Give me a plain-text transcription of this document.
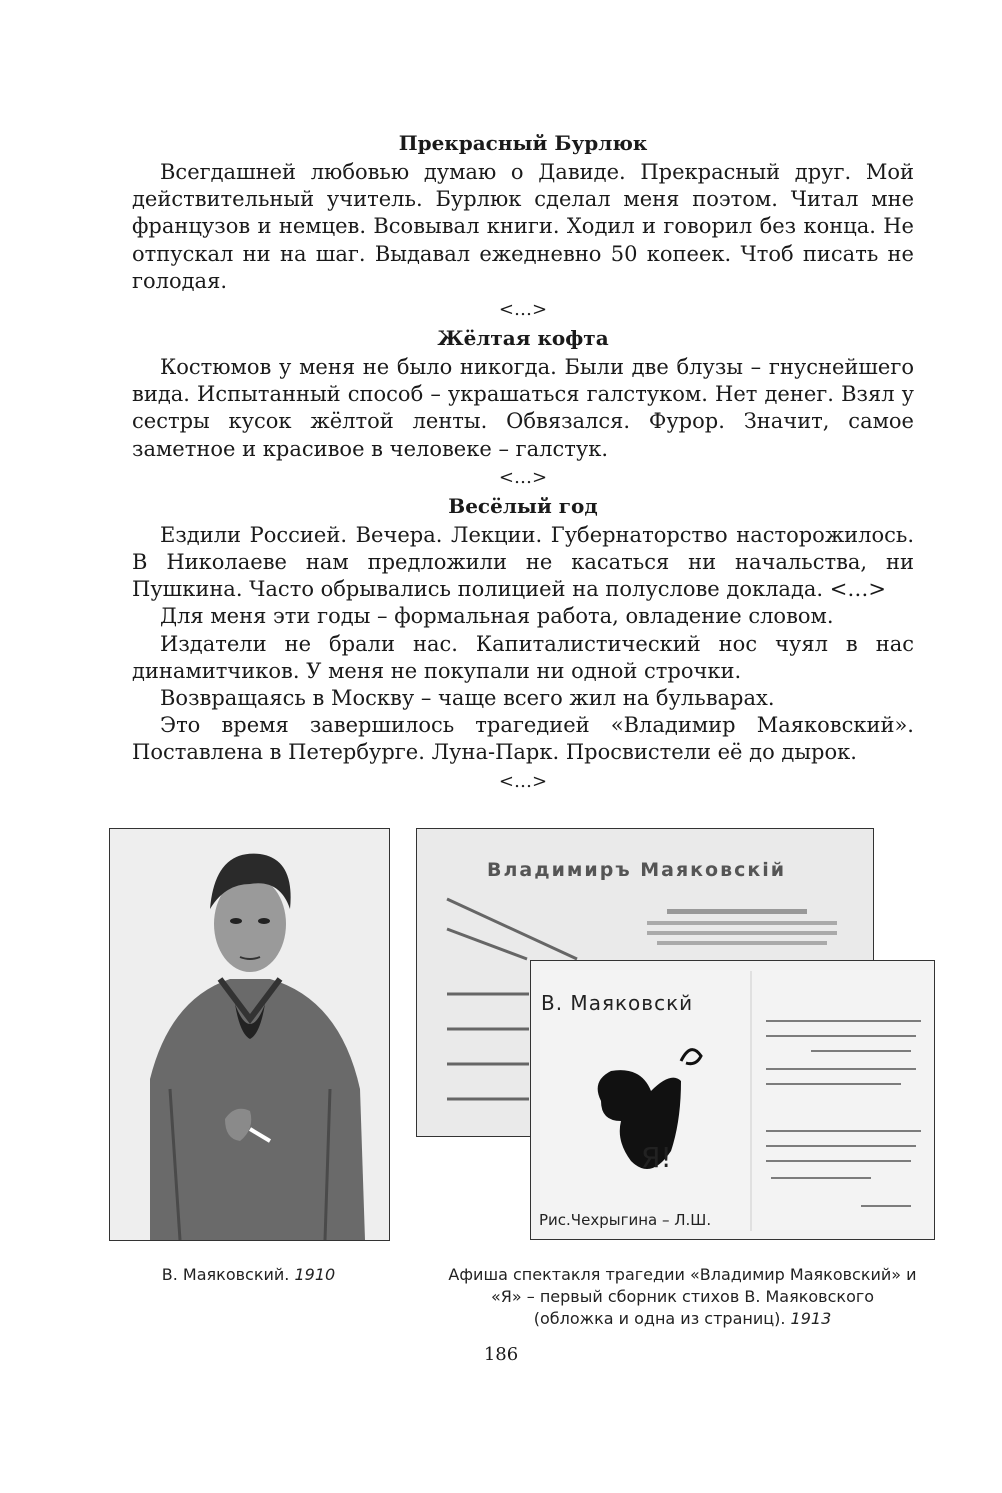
Прекрасный Бурлюк

Всегдашней любовью думаю о Давиде. Прекрасный друг. Мой действительный учитель. Бурлюк сделал меня поэтом. Читал мне французов и немцев. Всовывал книги. Ходил и говорил без конца. Не отпускал ни на шаг. Выдавал ежедневно 50 копеек. Чтоб писать не голодая.

<…>
Жёлтая кофта

Костюмов у меня не было никогда. Были две блузы – гнуснейшего вида. Испытанный способ – украшаться галстуком. Нет денег. Взял у сестры кусок жёлтой ленты. Обвязался. Фурор. Значит, самое заметное и красивое в человеке – галстук.

<…>
Весёлый год

Ездили Россией. Вечера. Лекции. Губернаторство насторожилось. В Николаеве нам предложили не касаться ни начальства, ни Пушкина. Часто обрывались полицией на полуслове доклада. <…>

Для меня эти годы – формальная работа, овладение словом.

Издатели не брали нас. Капиталистический нос чуял в нас динамитчиков. У меня не покупали ни одной строчки.

Возвращаясь в Москву – чаще всего жил на бульварах.

Это время завершилось трагедией «Владимир Маяковский». Поставлена в Петербурге. Луна-Парк. Просвистели её до дырок.

<…>
Владимиръ Маяковскій
В. Маяковскй
Я!
Рис.Чехрыгина – Л.Ш.
В. Маяковский. 1910	Афиша спектакля трагедии «Владимир Маяковский» и
«Я» – первый сборник стихов В. Маяковского
(обложка и одна из страниц). 1913
186
